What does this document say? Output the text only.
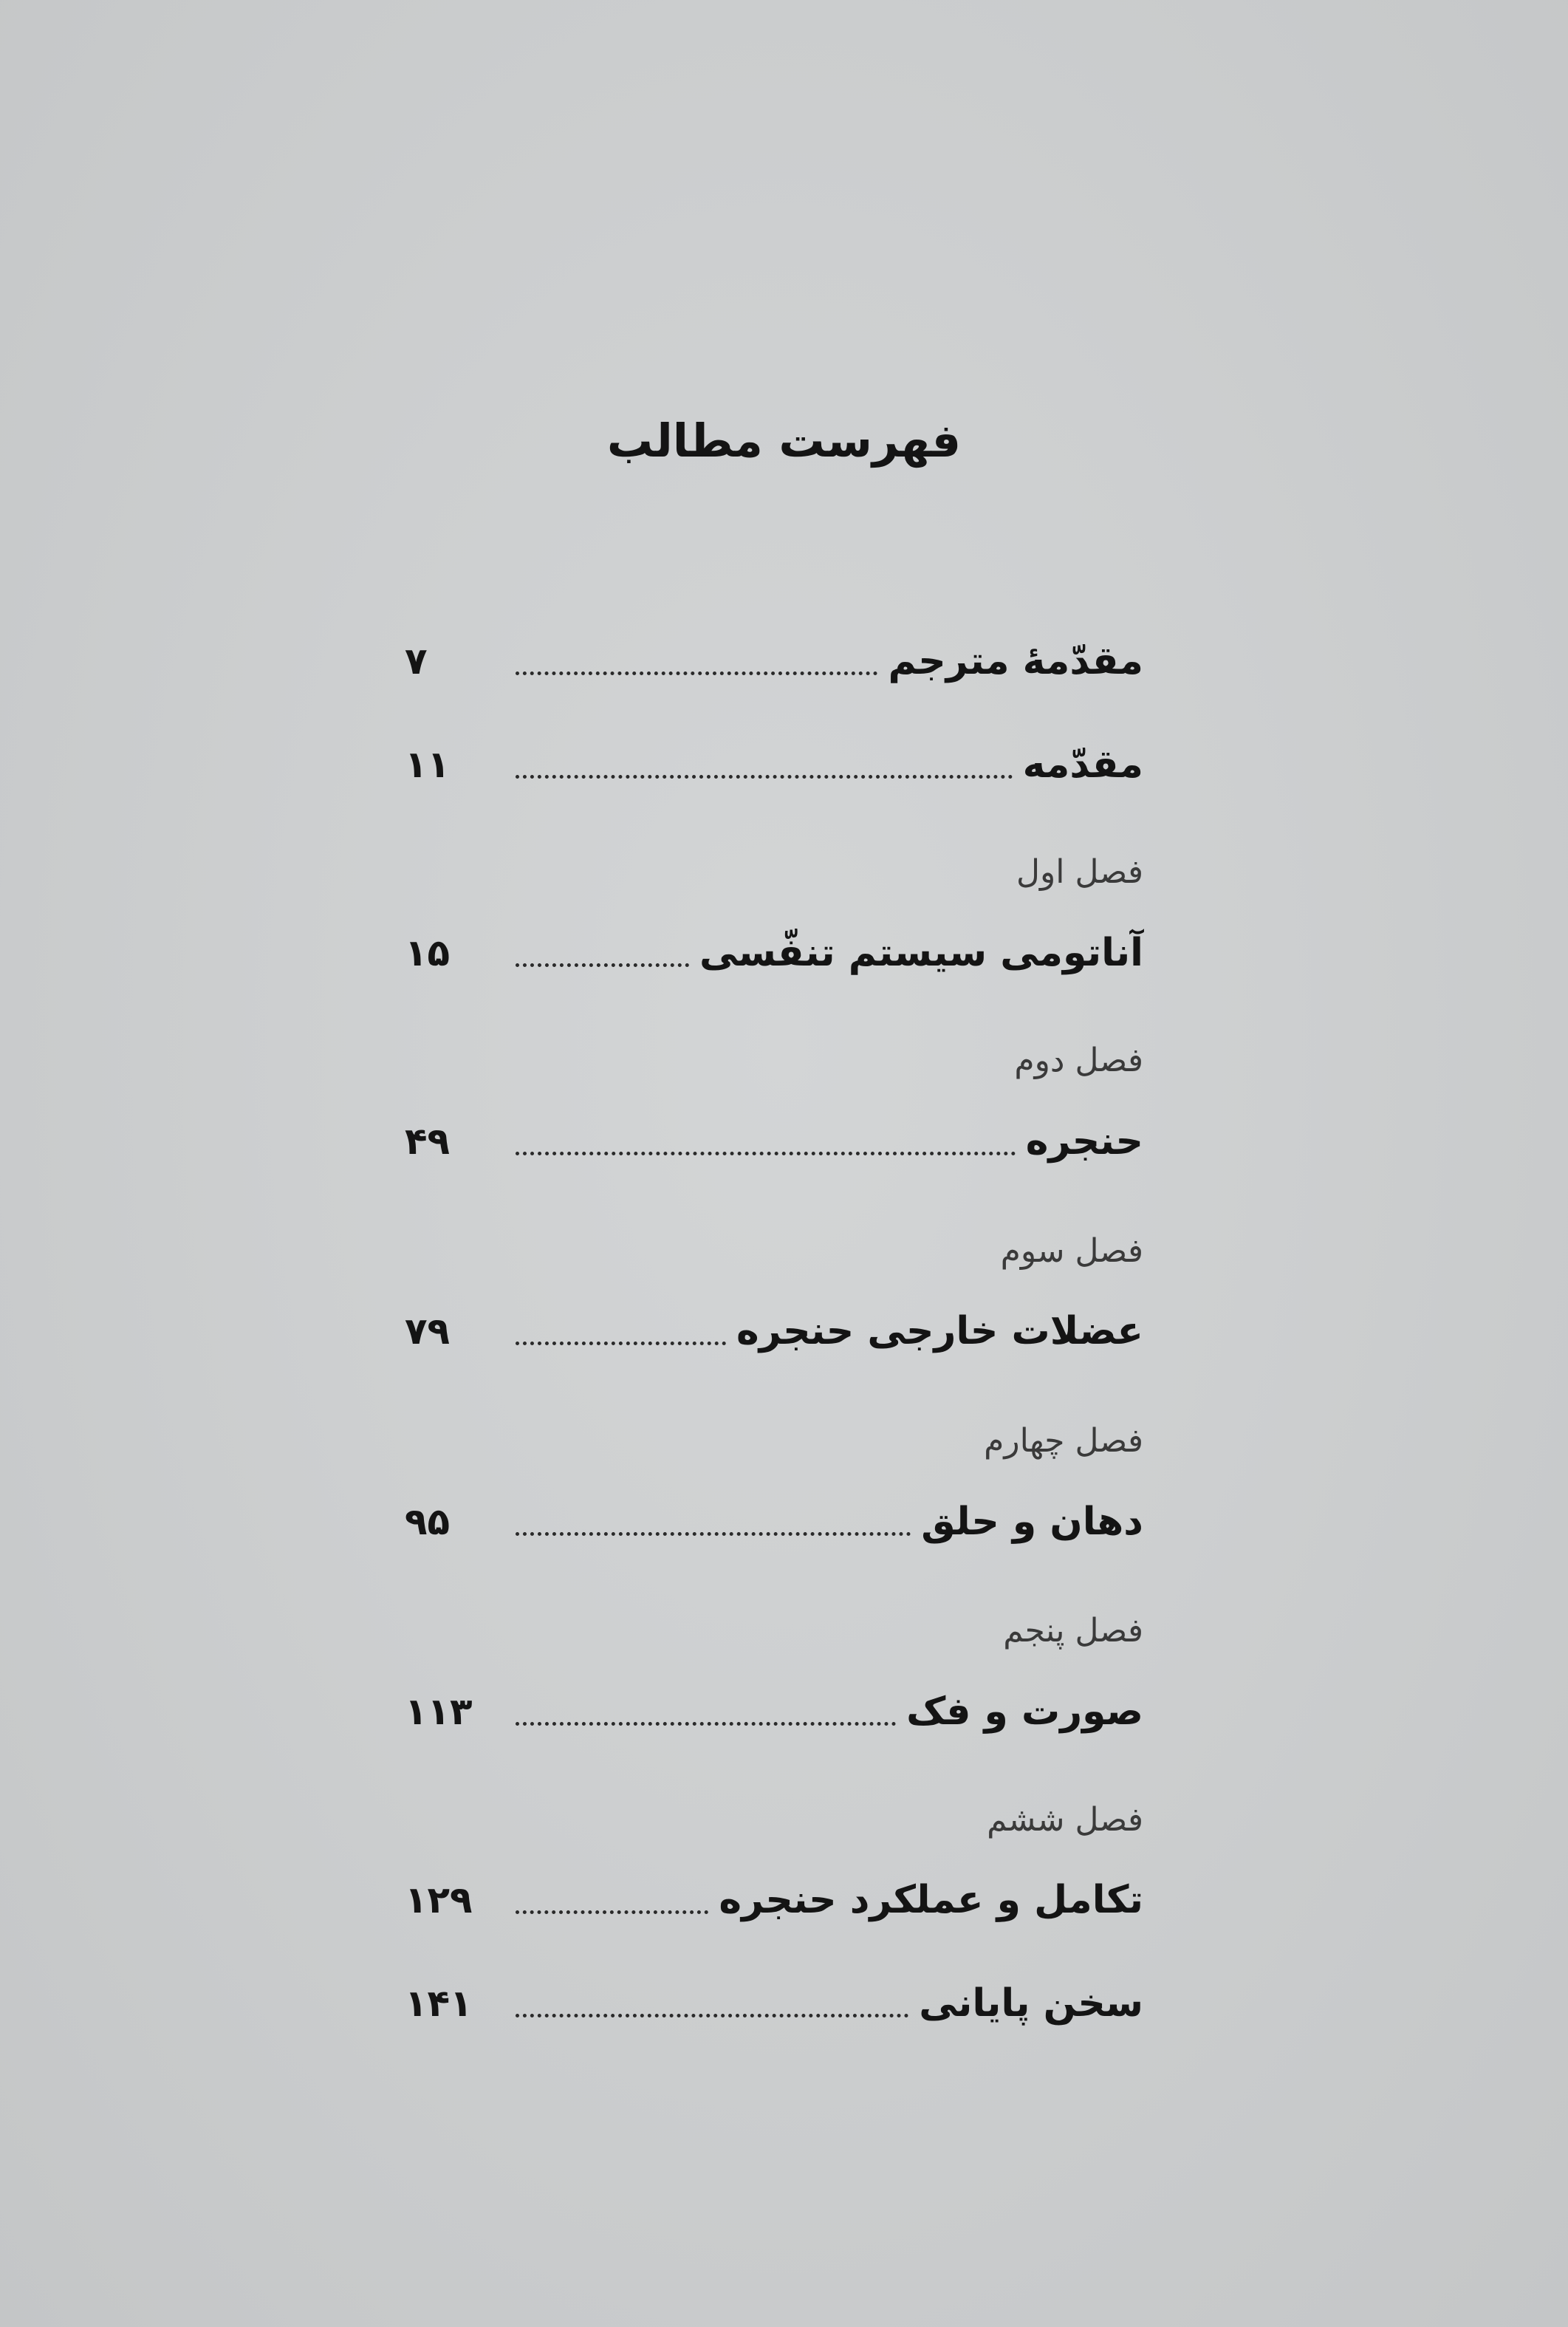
فهرست مطالب
مقدّمهٔ مترجم
۷
مقدّمه
۱۱
فصل اول
آناتومی سیستم تنفّسی
۱۵
فصل دوم
حنجره
۴۹
فصل سوم
عضلات خارجی حنجره
۷۹
فصل چهارم
دهان و حلق
۹۵
فصل پنجم
صورت و فک
۱۱۳
فصل ششم
تکامل و عملکرد حنجره
۱۲۹
سخن پایانی
۱۴۱
